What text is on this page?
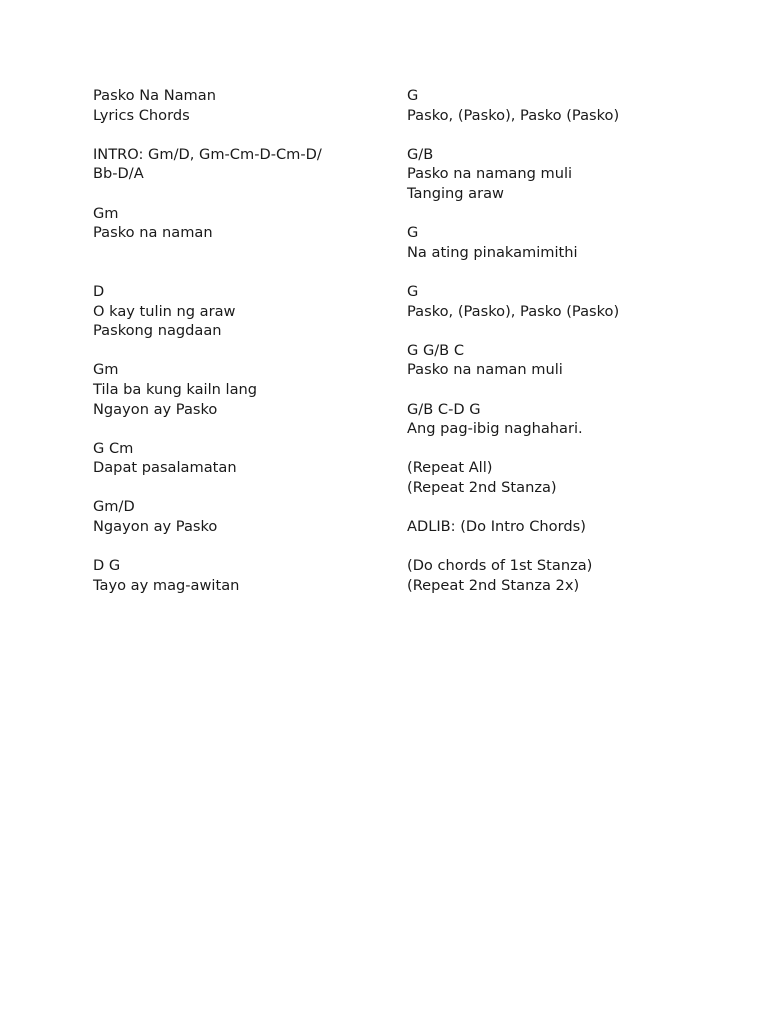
Pasko Na Naman
Lyrics Chords
INTRO: Gm/D, Gm-Cm-D-Cm-D/
Bb-D/A
Gm
Pasko na naman
D
O kay tulin ng araw
Paskong nagdaan
Gm
Tila ba kung kailn lang
Ngayon ay Pasko
G Cm
Dapat pasalamatan
Gm/D
Ngayon ay Pasko
D G
Tayo ay mag-awitan
G
Pasko, (Pasko), Pasko (Pasko)
G/B
Pasko na namang muli
Tanging araw
G
Na ating pinakamimithi
G
Pasko, (Pasko), Pasko (Pasko)
G G/B C
Pasko na naman muli
G/B C-D G
Ang pag-ibig naghahari.
(Repeat All)
(Repeat 2nd Stanza)
ADLIB: (Do Intro Chords)
(Do chords of 1st Stanza)
(Repeat 2nd Stanza 2x)
